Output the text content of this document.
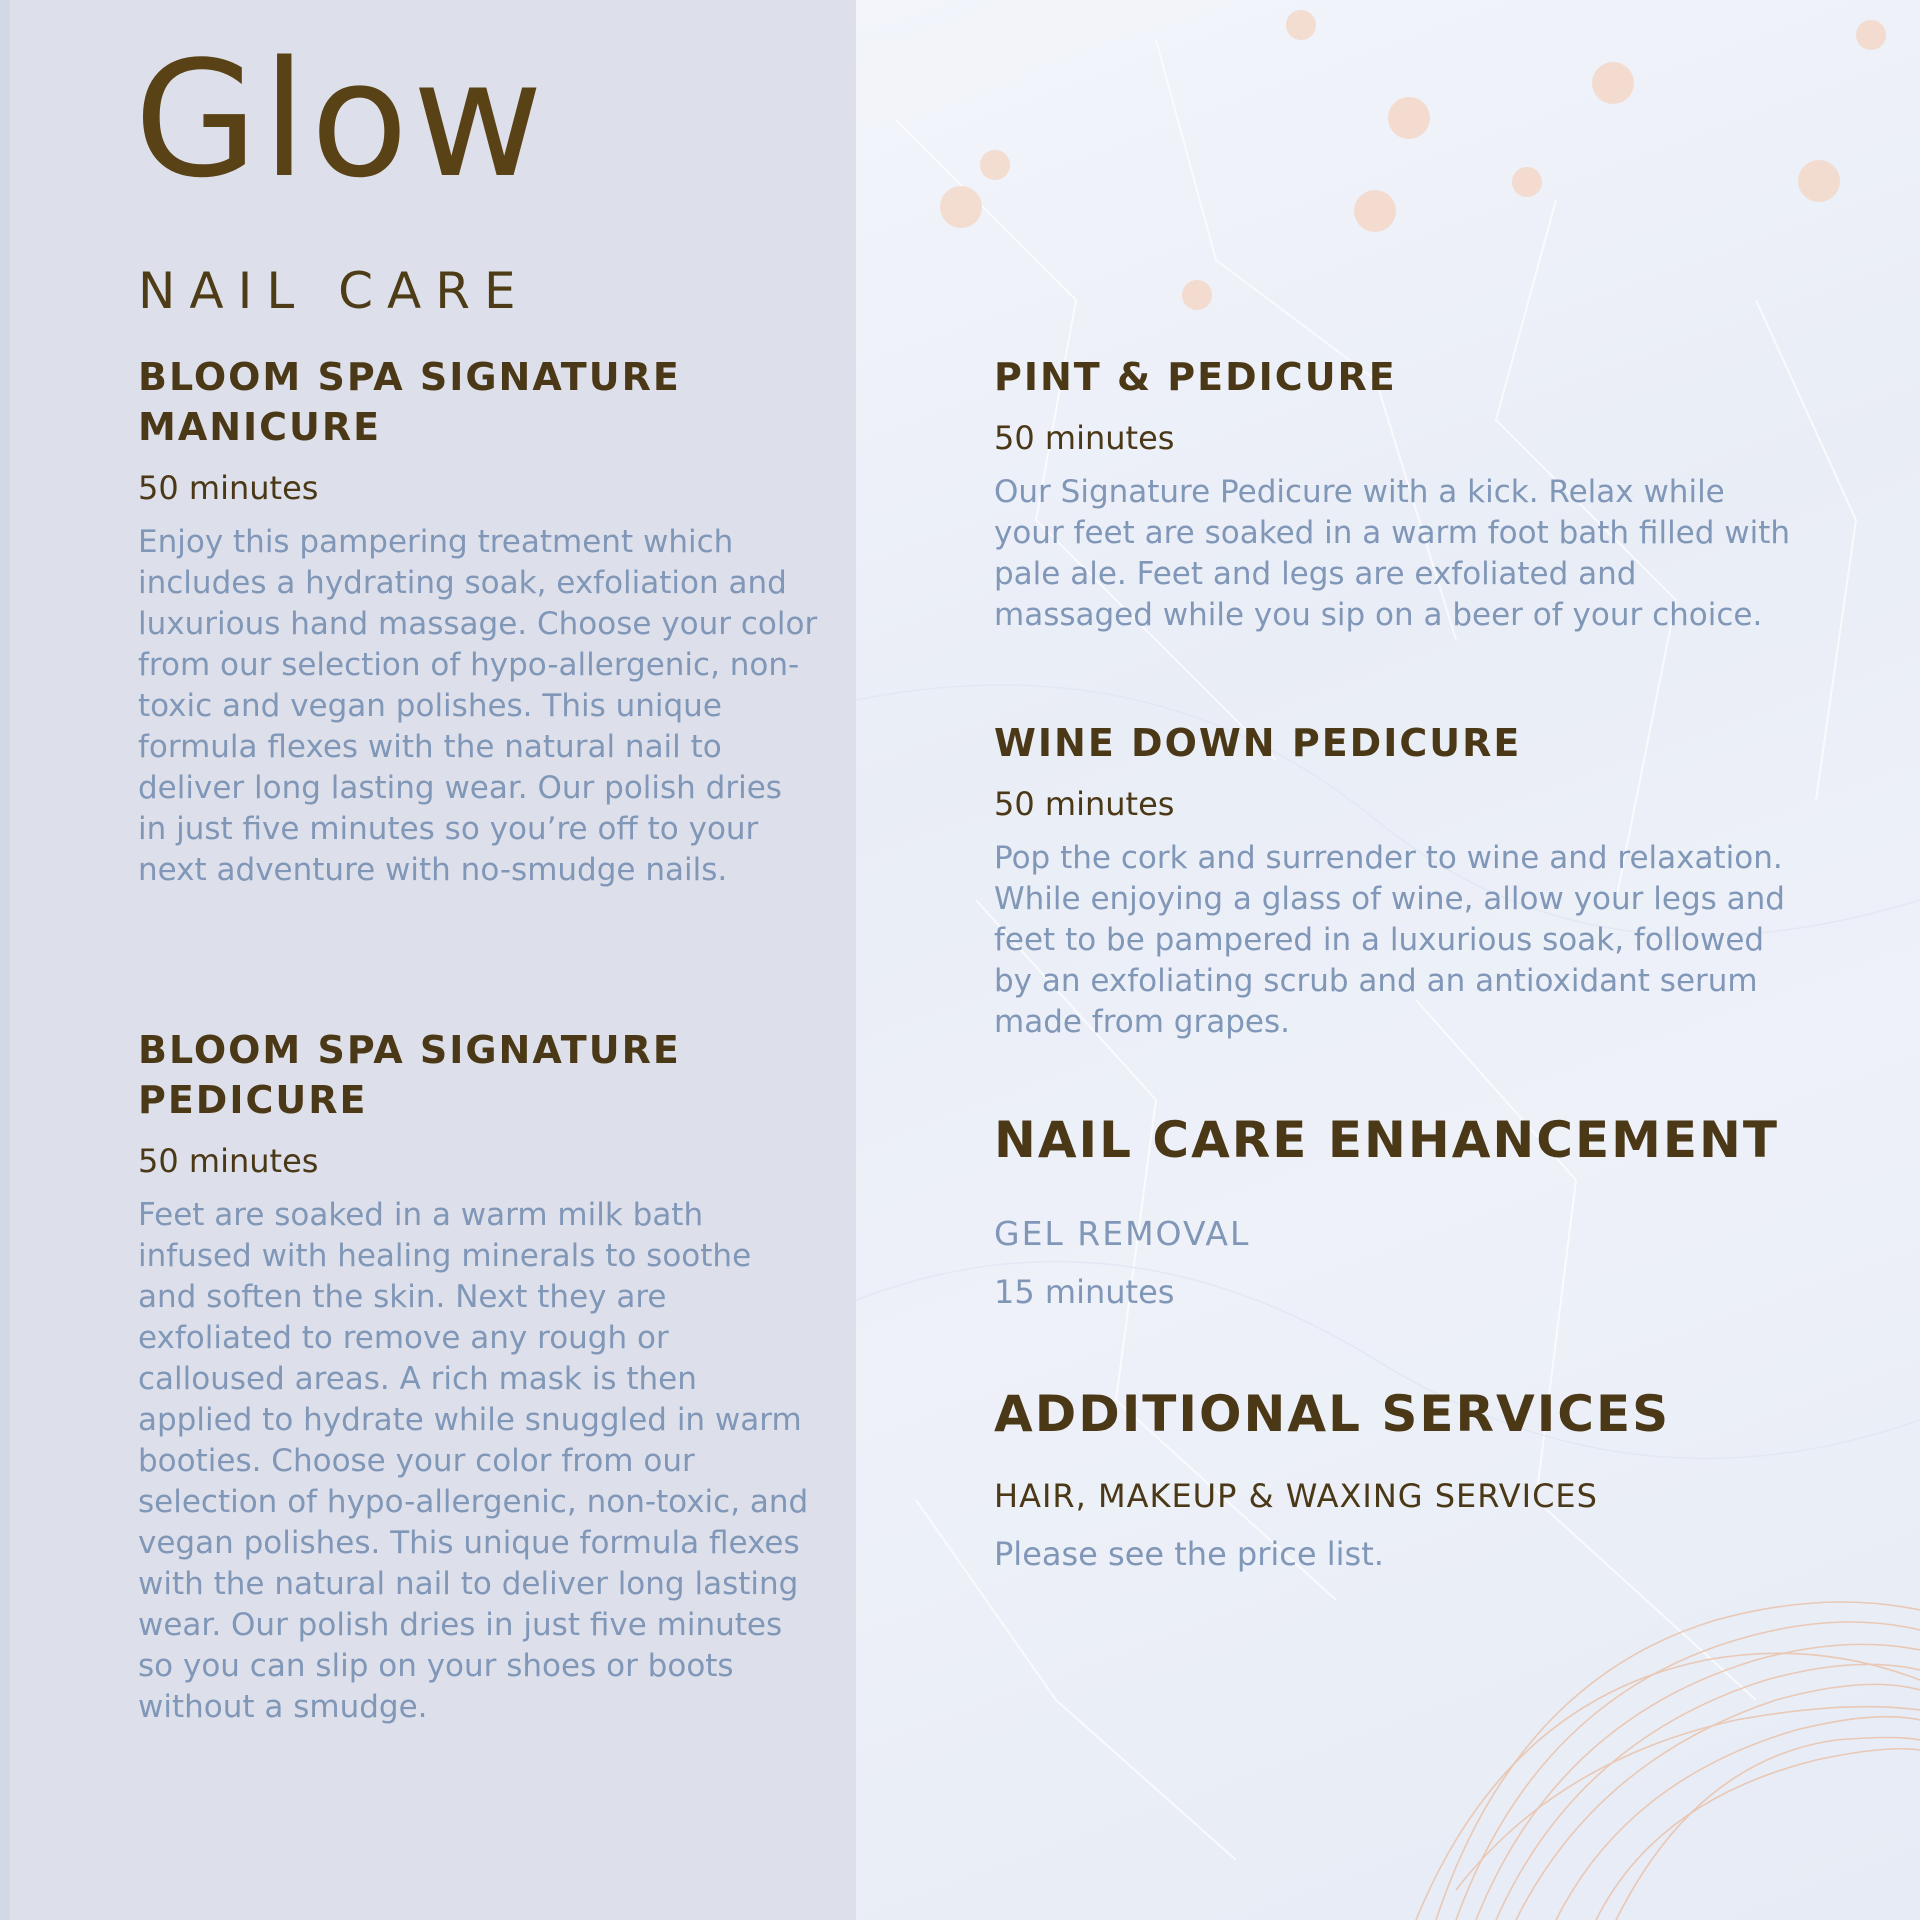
Glow
NAIL CARE
BLOOM SPA SIGNATURE
MANICURE
50 minutes

Enjoy this pampering treatment which includes a hydrating soak, exfoliation and luxurious hand massage. Choose your color from our selection of hypo-allergenic, non-toxic and vegan polishes. This unique formula flexes with the natural nail to deliver long lasting wear. Our polish dries in just five minutes so you’re off to your next adventure with no-smudge nails.

BLOOM SPA SIGNATURE
PEDICURE
50 minutes

Feet are soaked in a warm milk bath infused with healing minerals to soothe and soften the skin. Next they are exfoliated to remove any rough or calloused areas. A rich mask is then applied to hydrate while snuggled in warm booties. Choose your color from our selection of hypo-allergenic, non-toxic, and vegan polishes. This unique formula flexes with the natural nail to deliver long lasting wear. Our polish dries in just five minutes so you can slip on your shoes or boots without a smudge.

PINT & PEDICURE
50 minutes

Our Signature Pedicure with a kick. Relax while your feet are soaked in a warm foot bath filled with pale ale. Feet and legs are exfoliated and massaged while you sip on a beer of your choice.

WINE DOWN PEDICURE
50 minutes

Pop the cork and surrender to wine and relaxation. While enjoying a glass of wine, allow your legs and feet to be pampered in a luxurious soak, followed by an exfoliating scrub and an antioxidant serum made from grapes.

NAIL CARE ENHANCEMENT
GEL REMOVAL
15 minutes
ADDITIONAL SERVICES
HAIR, MAKEUP & WAXING SERVICES
Please see the price list.
